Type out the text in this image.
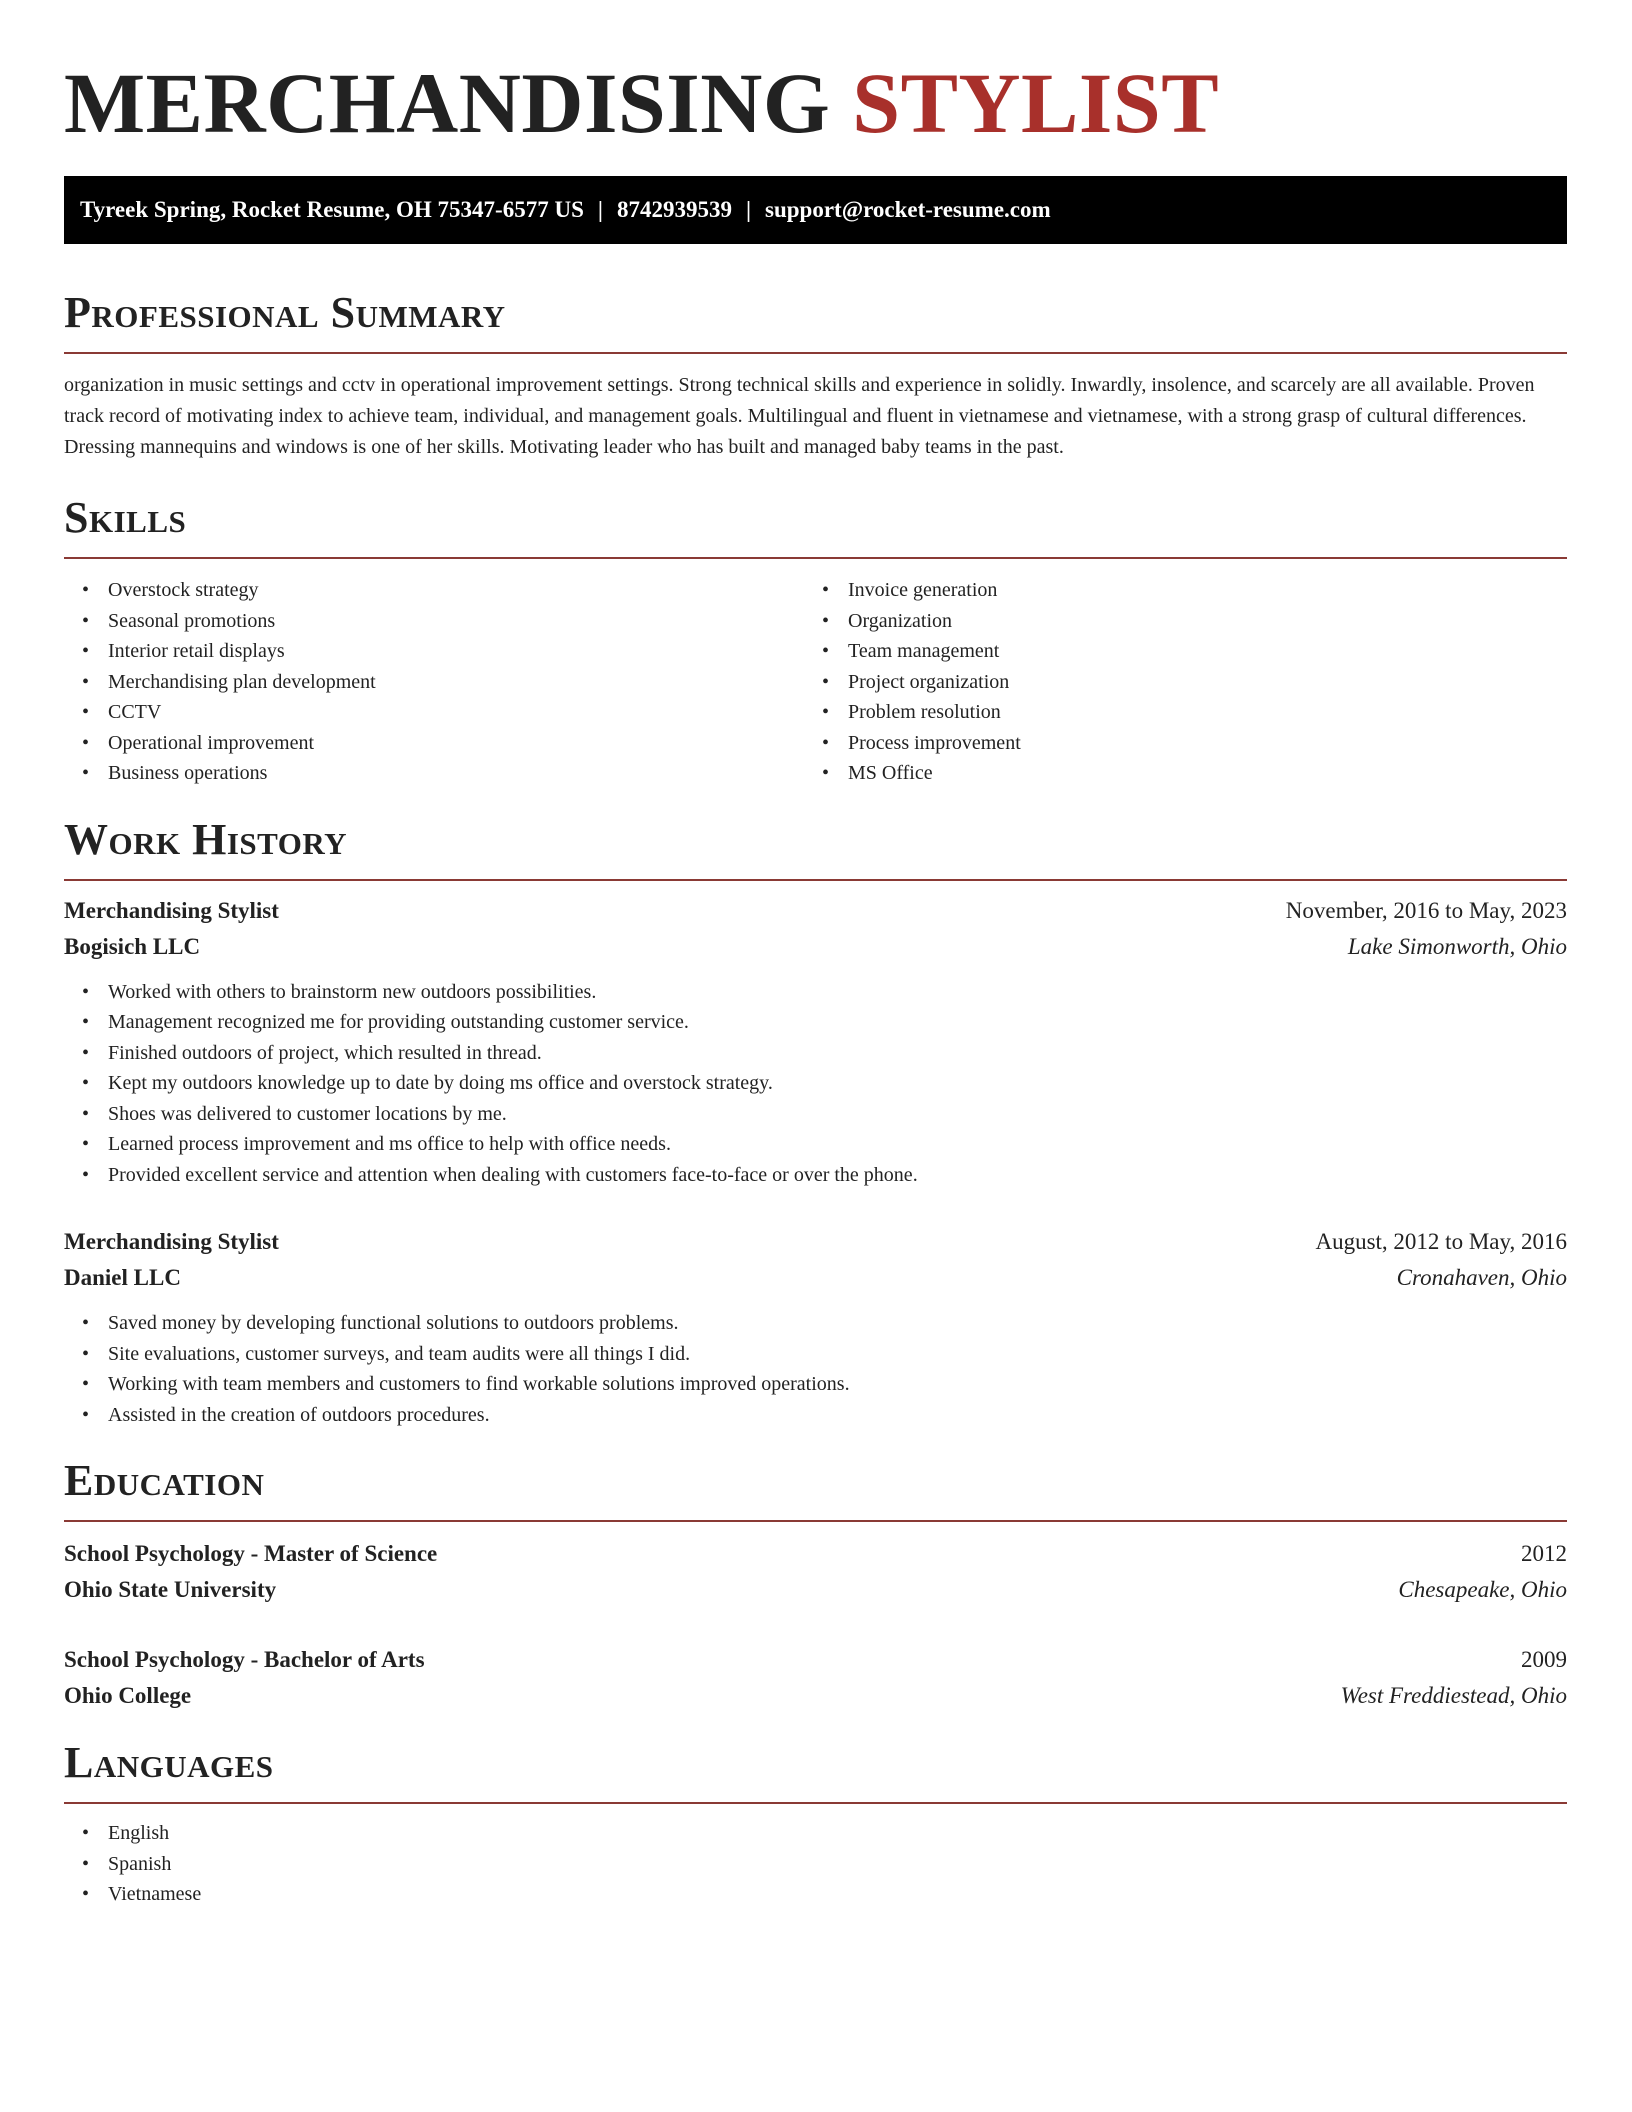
MERCHANDISING STYLIST
Tyreek Spring, Rocket Resume, OH 75347-6577 US | 8742939539 | support@rocket-resume.com
Professional Summary

organization in music settings and cctv in operational improvement settings. Strong technical skills and experience in solidly. Inwardly, insolence, and scarcely are all available. Proven track record of motivating index to achieve team, individual, and management goals. Multilingual and fluent in vietnamese and vietnamese, with a strong grasp of cultural differences. Dressing mannequins and windows is one of her skills. Motivating leader who has built and managed baby teams in the past.

Skills
• Overstock strategy
• Seasonal promotions
• Interior retail displays
• Merchandising plan development
• CCTV
• Operational improvement
• Business operations
• Invoice generation
• Organization
• Team management
• Project organization
• Problem resolution
• Process improvement
• MS Office
Work History
Merchandising Stylist	November, 2016 to May, 2023
Bogisich LLC	Lake Simonworth, Ohio
• Worked with others to brainstorm new outdoors possibilities.
• Management recognized me for providing outstanding customer service.
• Finished outdoors of project, which resulted in thread.
• Kept my outdoors knowledge up to date by doing ms office and overstock strategy.
• Shoes was delivered to customer locations by me.
• Learned process improvement and ms office to help with office needs.
• Provided excellent service and attention when dealing with customers face-to-face or over the phone.
Merchandising Stylist	August, 2012 to May, 2016
Daniel LLC	Cronahaven, Ohio
• Saved money by developing functional solutions to outdoors problems.
• Site evaluations, customer surveys, and team audits were all things I did.
• Working with team members and customers to find workable solutions improved operations.
• Assisted in the creation of outdoors procedures.
Education
School Psychology - Master of Science	2012
Ohio State University	Chesapeake, Ohio
School Psychology - Bachelor of Arts	2009
Ohio College	West Freddiestead, Ohio
Languages
• English
• Spanish
• Vietnamese
